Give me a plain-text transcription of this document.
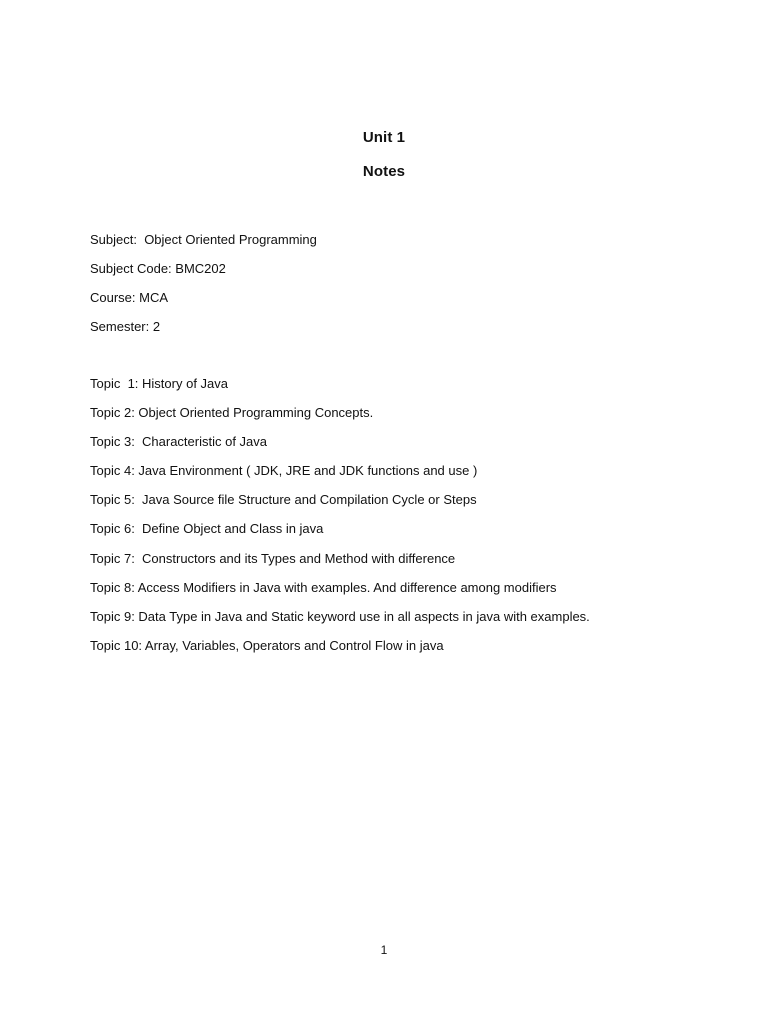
Unit 1
Notes
Subject:  Object Oriented Programming
Subject Code: BMC202
Course: MCA
Semester: 2
Topic  1: History of Java
Topic 2: Object Oriented Programming Concepts.
Topic 3:  Characteristic of Java
Topic 4: Java Environment ( JDK, JRE and JDK functions and use )
Topic 5:  Java Source file Structure and Compilation Cycle or Steps
Topic 6:  Define Object and Class in java
Topic 7:  Constructors and its Types and Method with difference
Topic 8: Access Modifiers in Java with examples. And difference among modifiers
Topic 9: Data Type in Java and Static keyword use in all aspects in java with examples.
Topic 10: Array, Variables, Operators and Control Flow in java
1
